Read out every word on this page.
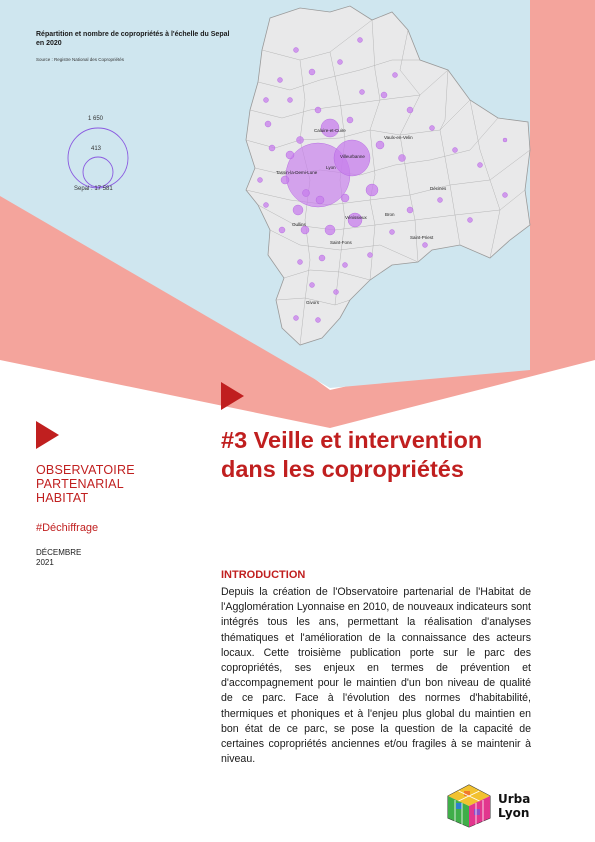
Répartition et nombre de copropriétés à l'échelle du Sepal en 2020
Source : Registre National des Copropriétés
1 650
413
Sepal : 17 581
Caluire-et-Cuire
Villeurbanne
Lyon
Vénissieux
Tassin-la-Demi-Lune
Vaulx-en-Velin
Décines
Bron
Saint-Priest
Saint-Fons
Oullins
Givors
OBSERVATOIRE
PARTENARIAL
HABITAT
#Déchiffrage
DÉCEMBRE
2021
#3 Veille et intervention
dans les copropriétés
INTRODUCTION
Depuis la création de l'Observatoire partenarial de l'Habitat de l'Agglomération Lyonnaise en 2010, de nouveaux indicateurs sont intégrés tous les ans, permettant la réalisation d'analyses thématiques et l'amélioration de la connaissance des acteurs locaux. Cette troisième publication porte sur le parc des copropriétés, ses enjeux en termes de prévention et d'accompagnement pour le maintien d'un bon niveau de qualité de ce parc. Face à l'évolution des normes d'habitabilité, thermiques et phoniques et à l'enjeu plus global du maintien en bon état de ce parc, se pose la question de la capacité de certaines copropriétés anciennes et/ou fragiles à se maintenir à niveau.
Urba
Lyon
